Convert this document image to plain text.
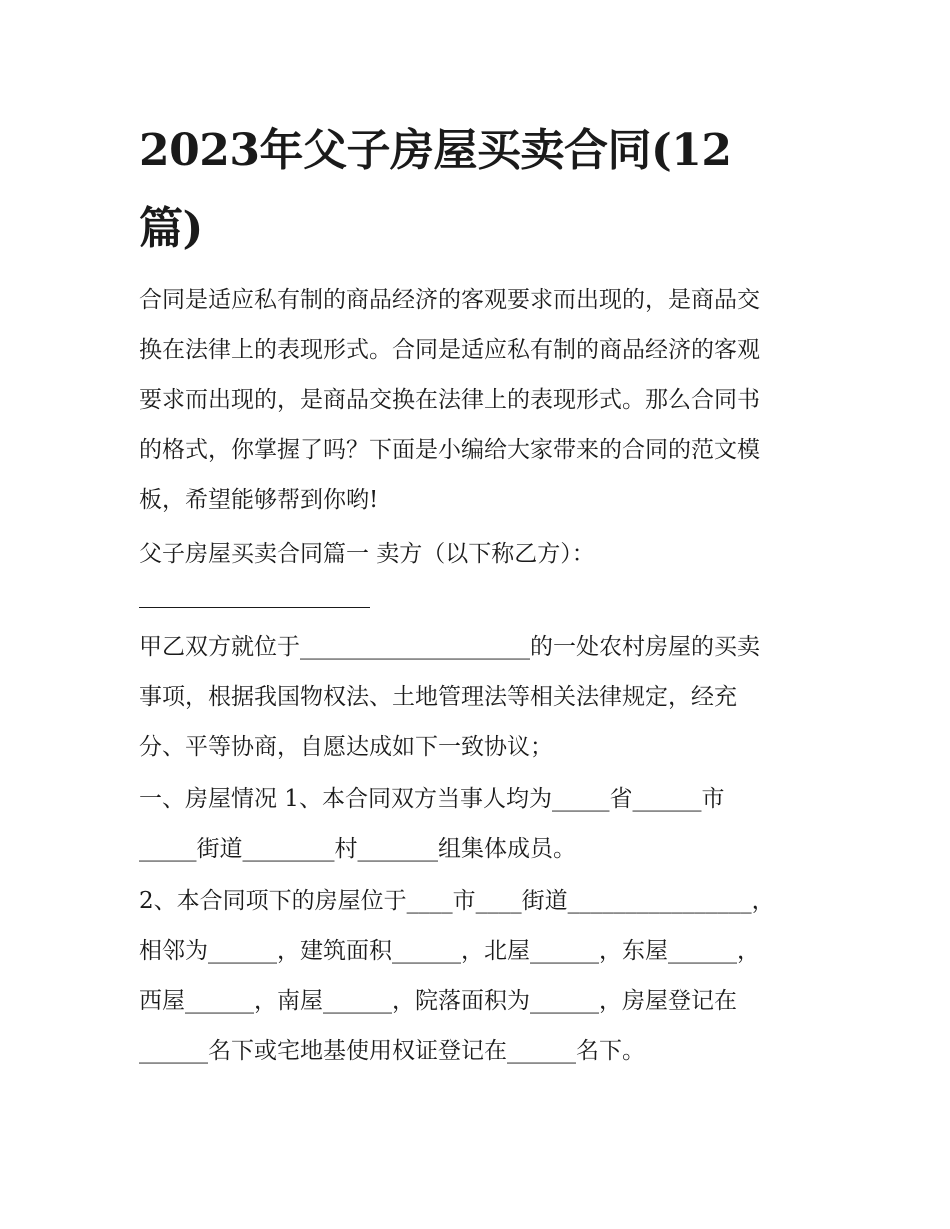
2023年父子房屋买卖合同(12
篇)

合同是适应私有制的商品经济的客观要求而出现的，是商品交
换在法律上的表现形式。合同是适应私有制的商品经济的客观
要求而出现的，是商品交换在法律上的表现形式。那么合同书
的格式，你掌握了吗？下面是小编给大家带来的合同的范文模
板，希望能够帮到你哟!

父子房屋买卖合同篇一 卖方（以下称乙方）：

甲乙双方就位于____________________的一处农村房屋的买卖
事项，根据我国物权法、土地管理法等相关法律规定，经充
分、平等协商，自愿达成如下一致协议；

一、房屋情况 1、本合同双方当事人均为_____省______市
_____街道________村_______组集体成员。

2、本合同项下的房屋位于____市____街道________________，
相邻为______，建筑面积______，北屋______，东屋______，
西屋______，南屋______，院落面积为______，房屋登记在
______名下或宅地基使用权证登记在______名下。
